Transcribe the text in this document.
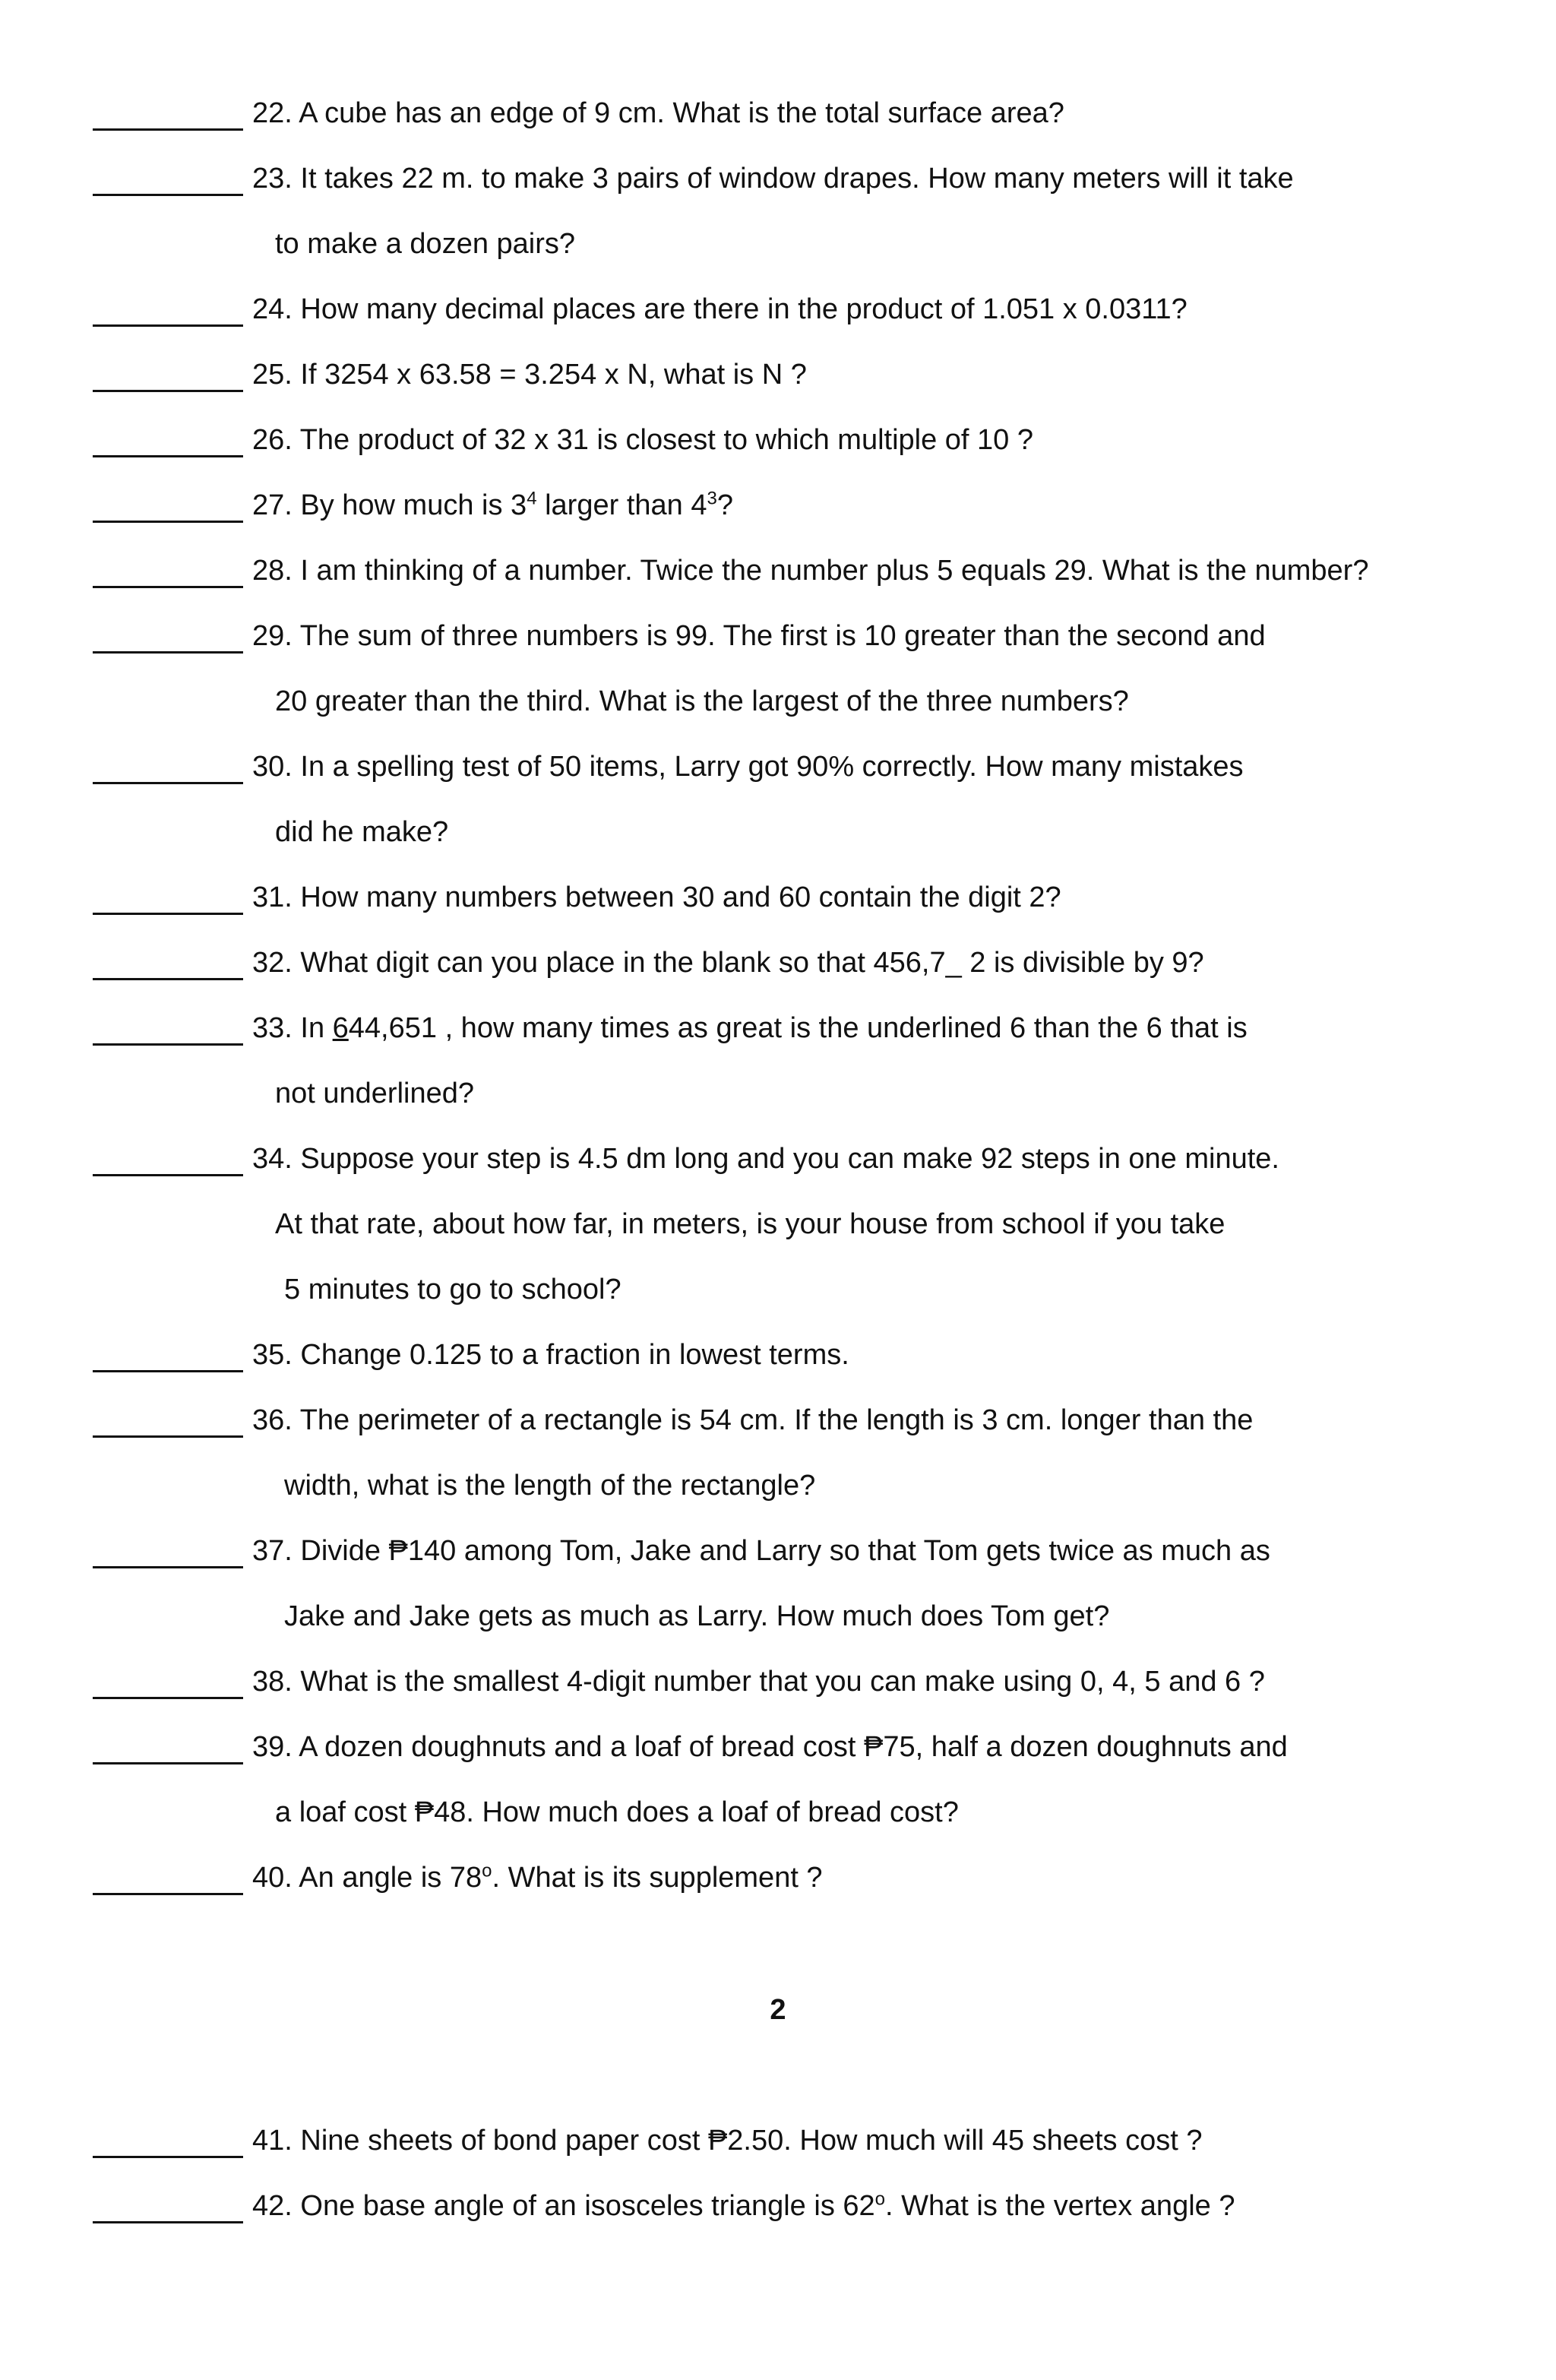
22. A cube has an edge of 9 cm. What is the total surface area?
23. It takes 22 m. to make 3 pairs of window drapes. How many meters will it take
to make a dozen pairs?
24. How many decimal places are there in the product of 1.051 x 0.0311?
25. If 3254 x 63.58 = 3.254 x N, what is N ?
26. The product of 32 x 31 is closest to which multiple of 10 ?
27. By how much is $3^4$ larger than $4^3$?
28. I am thinking of a number. Twice the number plus 5 equals 29. What is the number?
29. The sum of three numbers is 99. The first is 10 greater than the second and
20 greater than the third. What is the largest of the three numbers?
30. In a spelling test of 50 items, Larry got 90% correctly. How many mistakes
did he make?
31. How many numbers between 30 and 60 contain the digit 2?
32. What digit can you place in the blank so that 456,7_ 2 is divisible by 9?
33. In 644,651 , how many times as great is the underlined 6 than the 6 that is
not underlined?
34. Suppose your step is 4.5 dm long and you can make 92 steps in one minute.
At that rate, about how far, in meters, is your house from school if you take
5 minutes to go to school?
35. Change 0.125 to a fraction in lowest terms.
36. The perimeter of a rectangle is 54 cm. If the length is 3 cm. longer than the
width, what is the length of the rectangle?
37. Divide ₱140 among Tom, Jake and Larry so that Tom gets twice as much as
Jake and Jake gets as much as Larry. How much does Tom get?
38. What is the smallest 4-digit number that you can make using 0, 4, 5 and 6 ?
39. A dozen doughnuts and a loaf of bread cost ₱75, half a dozen doughnuts and
a loaf cost ₱48. How much does a loaf of bread cost?
40. An angle is 78$^o$. What is its supplement ?
2
41. Nine sheets of bond paper cost ₱2.50. How much will 45 sheets cost ?
42. One base angle of an isosceles triangle is 62$^o$. What is the vertex angle ?
